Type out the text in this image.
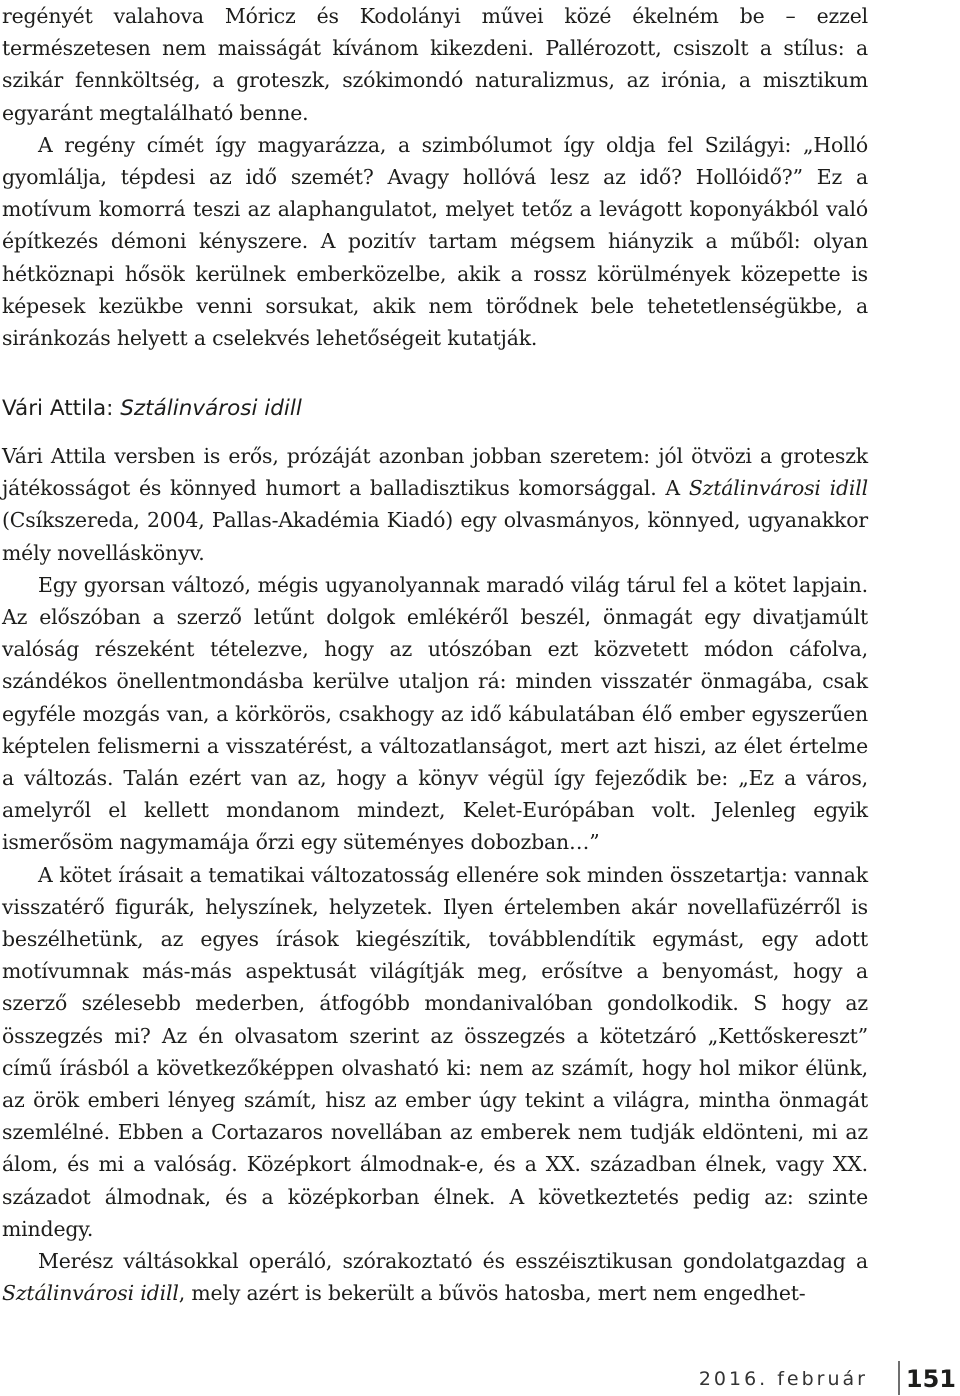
regényét valahova Móricz és Kodolányi művei közé ékelném be – ezzel természetesen nem maisságát kívánom kikezdeni. Pallérozott, csiszolt a stílus: a szikár fennköltség, a groteszk, szókimondó naturalizmus, az irónia, a misztikum egyaránt megtalálható benne.

A regény címét így magyarázza, a szimbólumot így oldja fel Szilágyi: „Holló gyomlálja, tépdesi az idő szemét? Avagy hollóvá lesz az idő? Hollóidő?” Ez a motívum komorrá teszi az alaphangulatot, melyet tetőz a levágott koponyákból való építkezés démoni kényszere. A pozitív tartam mégsem hiányzik a műből: olyan hétköznapi hősök kerülnek emberközelbe, akik a rossz körülmények közepette is képesek kezükbe venni sorsukat, akik nem törődnek bele tehetetlenségükbe, a siránkozás helyett a cselekvés lehetőségeit kutatják.

Vári Attila: Sztálinvárosi idill

Vári Attila versben is erős, prózáját azonban jobban szeretem: jól ötvözi a groteszk játékosságot és könnyed humort a balladisztikus komorsággal. A Sztálinvárosi idill (Csíkszereda, 2004, Pallas-Akadémia Kiadó) egy olvasmányos, könnyed, ugyanakkor mély novelláskönyv.

Egy gyorsan változó, mégis ugyanolyannak maradó világ tárul fel a kötet lapjain. Az előszóban a szerző letűnt dolgok emlékéről beszél, önmagát egy divatjamúlt valóság részeként tételezve, hogy az utószóban ezt közvetett módon cáfolva, szándékos önellentmondásba kerülve utaljon rá: minden visszatér önmagába, csak egyféle mozgás van, a körkörös, csakhogy az idő kábulatában élő ember egyszerűen képtelen felismerni a visszatérést, a változatlanságot, mert azt hiszi, az élet értelme a változás. Talán ezért van az, hogy a könyv végül így fejeződik be: „Ez a város, amelyről el kellett mondanom mindezt, Kelet-Európában volt. Jelenleg egyik ismerősöm nagymamája őrzi egy süteményes dobozban…”

A kötet írásait a tematikai változatosság ellenére sok minden összetartja: vannak visszatérő figurák, helyszínek, helyzetek. Ilyen értelemben akár novellafüzérről is beszélhetünk, az egyes írások kiegészítik, továbblendítik egymást, egy adott motívumnak más-más aspektusát világítják meg, erősítve a benyomást, hogy a szerző szélesebb mederben, átfogóbb mondanivalóban gondolkodik. S hogy az összegzés mi? Az én olvasatom szerint az összegzés a kötetzáró „Kettőskereszt” című írásból a következőképpen olvasható ki: nem az számít, hogy hol mikor élünk, az örök emberi lényeg számít, hisz az ember úgy tekint a világra, mintha önmagát szemlélné. Ebben a Cortazaros novellában az emberek nem tudják eldönteni, mi az álom, és mi a valóság. Középkort álmodnak-e, és a XX. században élnek, vagy XX. századot álmodnak, és a középkorban élnek. A következtetés pedig az: szinte mindegy.

Merész váltásokkal operáló, szórakoztató és esszéisztikusan gondolatgazdag a Sztálinvárosi idill, mely azért is bekerült a bűvös hatosba, mert nem engedhet-

2016. február 151
